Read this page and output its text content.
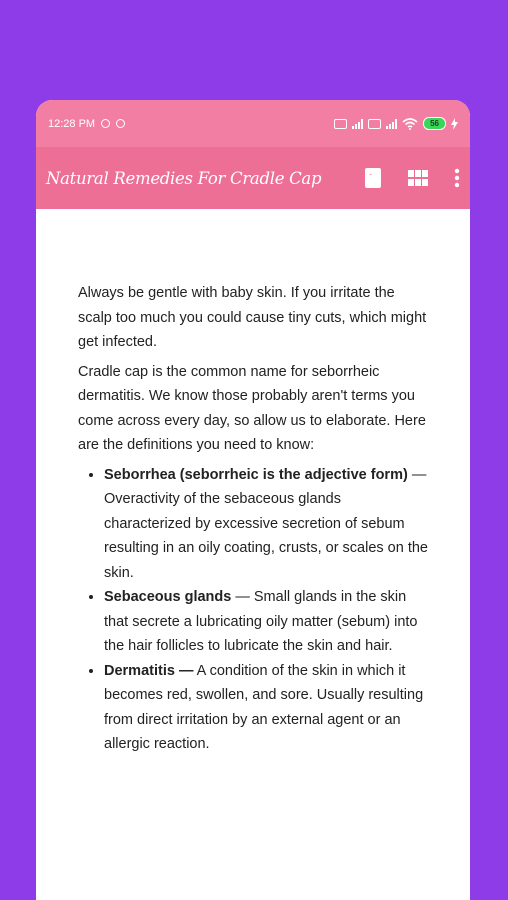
12:28 PM	56
Natural Remedies For Cradle Cap

Always be gentle with baby skin. If you irritate the scalp too much you could cause tiny cuts, which might get infected.

Cradle cap is the common name for seborrheic dermatitis. We know those probably aren't terms you come across every day, so allow us to elaborate. Here are the definitions you need to know:

• Seborrhea (seborrheic is the adjective form) — Overactivity of the sebaceous glands characterized by excessive secretion of sebum resulting in an oily coating, crusts, or scales on the skin.
• Sebaceous glands — Small glands in the skin that secrete a lubricating oily matter (sebum) into the hair follicles to lubricate the skin and hair.
• Dermatitis — A condition of the skin in which it becomes red, swollen, and sore. Usually resulting from direct irritation by an external agent or an allergic reaction.
